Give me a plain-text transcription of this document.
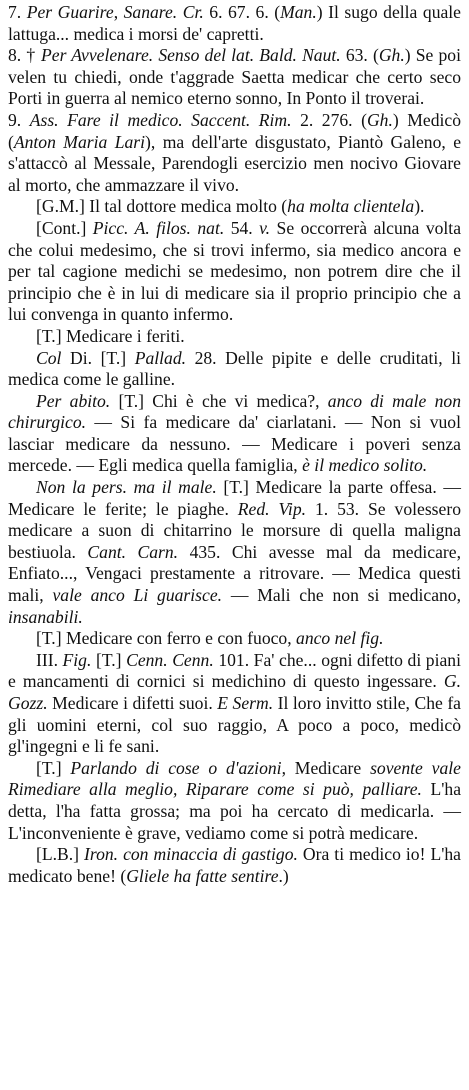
7. Per Guarire, Sanare. Cr. 6. 67. 6. (Man.) Il sugo della quale lattuga... medica i morsi de' capretti.

8. † Per Avvelenare. Senso del lat. Bald. Naut. 63. (Gh.) Se poi velen tu chiedi, onde t'aggrade Saetta medicar che certo seco Porti in guerra al nemico eterno sonno, In Ponto il troverai.

9. Ass. Fare il medico. Saccent. Rim. 2. 276. (Gh.) Medicò (Anton Maria Lari), ma dell'arte disgustato, Piantò Galeno, e s'attaccò al Messale, Parendogli esercizio men nocivo Giovare al morto, che ammazzare il vivo.

[G.M.] Il tal dottore medica molto (ha molta clientela).

[Cont.] Picc. A. filos. nat. 54. v. Se occorrerà alcuna volta che colui medesimo, che si trovi infermo, sia medico ancora e per tal cagione medichi se medesimo, non potrem dire che il principio che è in lui di medicare sia il proprio principio che a lui convenga in quanto infermo.

[T.] Medicare i feriti.

Col Di. [T.] Pallad. 28. Delle pipite e delle cruditati, li medica come le galline.

Per abito. [T.] Chi è che vi medica?, anco di male non chirurgico. — Si fa medicare da' ciarlatani. — Non si vuol lasciar medicare da nessuno. — Medicare i poveri senza mercede. — Egli medica quella famiglia, è il medico solito.

Non la pers. ma il male. [T.] Medicare la parte offesa. — Medicare le ferite; le piaghe. Red. Vip. 1. 53. Se volessero medicare a suon di chitarrino le morsure di quella maligna bestiuola. Cant. Carn. 435. Chi avesse mal da medicare, Enfiato..., Vengaci prestamente a ritrovare. — Medica questi mali, vale anco Li guarisce. — Mali che non si medicano, insanabili.

[T.] Medicare con ferro e con fuoco, anco nel fig.

III. Fig. [T.] Cenn. Cenn. 101. Fa' che... ogni difetto di piani e mancamenti di cornici si medichino di questo ingessare. G. Gozz. Medicare i difetti suoi. E Serm. Il loro invitto stile, Che fa gli uomini eterni, col suo raggio, A poco a poco, medicò gl'ingegni e li fe sani.

[T.] Parlando di cose o d'azioni, Medicare sovente vale Rimediare alla meglio, Riparare come si può, palliare. L'ha detta, l'ha fatta grossa; ma poi ha cercato di medicarla. — L'inconveniente è grave, vediamo come si potrà medicare.

[L.B.] Iron. con minaccia di gastigo. Ora ti medico io! L'ha medicato bene! (Gliele ha fatte sentire.)
